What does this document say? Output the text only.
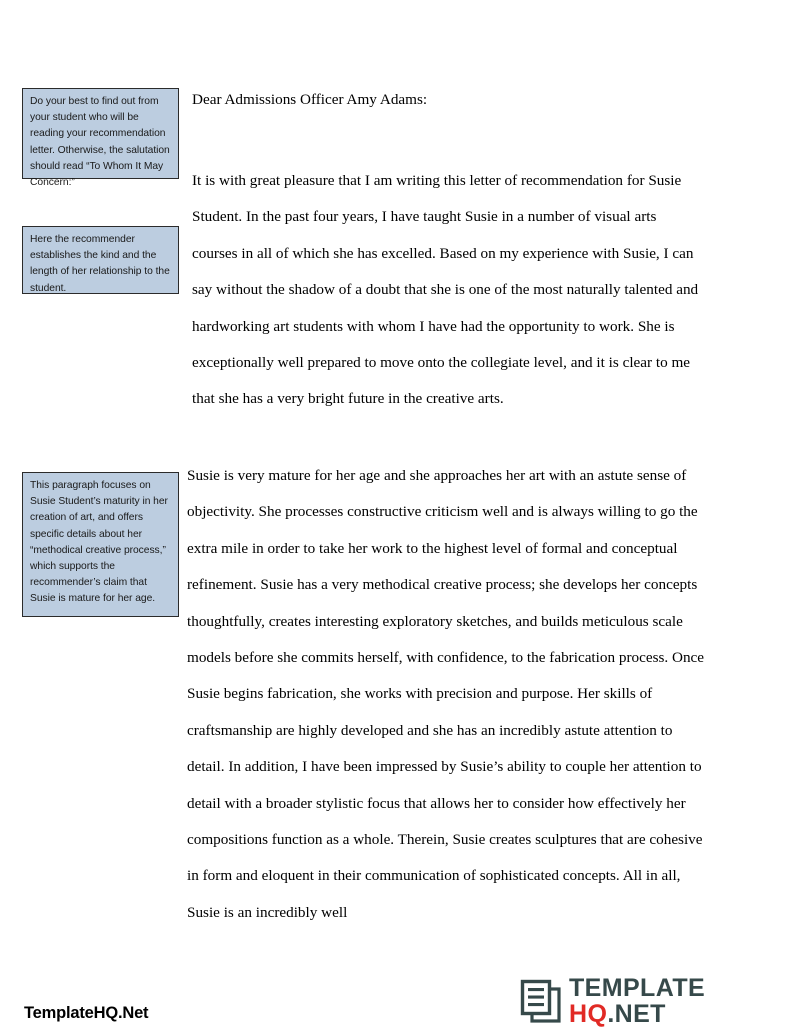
Do your best to find out from your student who will be reading your recommendation letter. Otherwise, the salutation should read “To Whom It May Concern:”
Here the recommender establishes the kind and the length of her relationship to the student.
This paragraph focuses on Susie Student’s maturity in her creation of art, and offers specific details about her “methodical creative process,” which supports the recommender’s claim that Susie is mature for her age.
Dear Admissions Officer Amy Adams:
It is with great pleasure that I am writing this letter of recommendation for Susie Student. In the past four years, I have taught Susie in a number of visual arts courses in all of which she has excelled. Based on my experience with Susie, I can say without the shadow of a doubt that she is one of the most naturally talented and hardworking art students with whom I have had the opportunity to work. She is exceptionally well prepared to move onto the collegiate level, and it is clear to me that she has a very bright future in the creative arts.
Susie is very mature for her age and she approaches her art with an astute sense of objectivity. She processes constructive criticism well and is always willing to go the extra mile in order to take her work to the highest level of formal and conceptual refinement. Susie has a very methodical creative process; she develops her concepts thoughtfully, creates interesting exploratory sketches, and builds meticulous scale models before she commits herself, with confidence, to the fabrication process. Once Susie begins fabrication, she works with precision and purpose. Her skills of craftsmanship are highly developed and she has an incredibly astute attention to detail. In addition, I have been impressed by Susie’s ability to couple her attention to detail with a broader stylistic focus that allows her to consider how effectively her compositions function as a whole. Therein, Susie creates sculptures that are cohesive in form and eloquent in their communication of sophisticated concepts. All in all, Susie is an incredibly well
TemplateHQ.Net
TEMPLATE
HQ.NET
